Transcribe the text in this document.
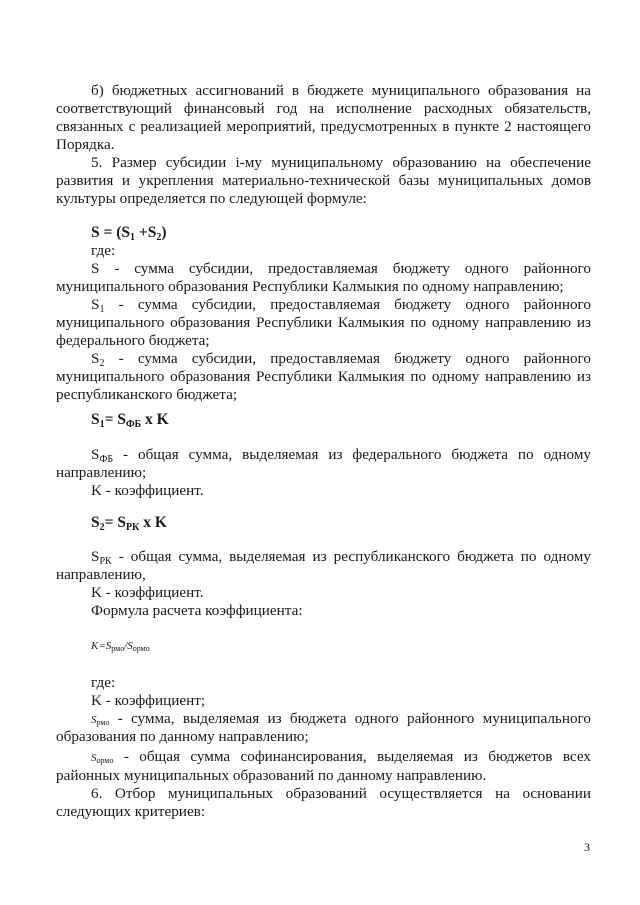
б) бюджетных ассигнований в бюджете муниципального образования на

соответствующий финансовый год на исполнение расходных обязательств,

связанных с реализацией мероприятий, предусмотренных в пункте 2 настоящего

Порядка.

5. Размер субсидии i-му муниципальному образованию на обеспечение

развития и укрепления материально-технической базы муниципальных домов

культуры определяется по следующей формуле:

$S = (S_1 +S_2)$

где:

S - сумма субсидии, предоставляемая бюджету одного районного

муниципального образования Республики Калмыкия по одному направлению;

$S_1$ - сумма субсидии, предоставляемая бюджету одного районного

муниципального образования Республики Калмыкия по одному направлению из

федерального бюджета;

$S_2$ - сумма субсидии, предоставляемая бюджету одного районного

муниципального образования Республики Калмыкия по одному направлению из

республиканского бюджета;

$S_1= S_{ФБ}$ x K

$S_{ФБ}$ - общая сумма, выделяемая из федерального бюджета по одному

направлению;

K - коэффициент.

$S_2= S_{РК}$ x K

$S_{РК}$ - общая сумма, выделяемая из республиканского бюджета по одному

направлению,

K - коэффициент.

Формула расчета коэффициента:

$K=S_{рмо}/S_{ормо}$

где:

K - коэффициент;

$S_{рмо}$ - сумма, выделяемая из бюджета одного районного муниципального

образования по данному направлению;

$S_{ормо}$ - общая сумма софинансирования, выделяемая из бюджетов всех

районных муниципальных образований по данному направлению.

6. Отбор муниципальных образований осуществляется на основании

следующих критериев:

3
